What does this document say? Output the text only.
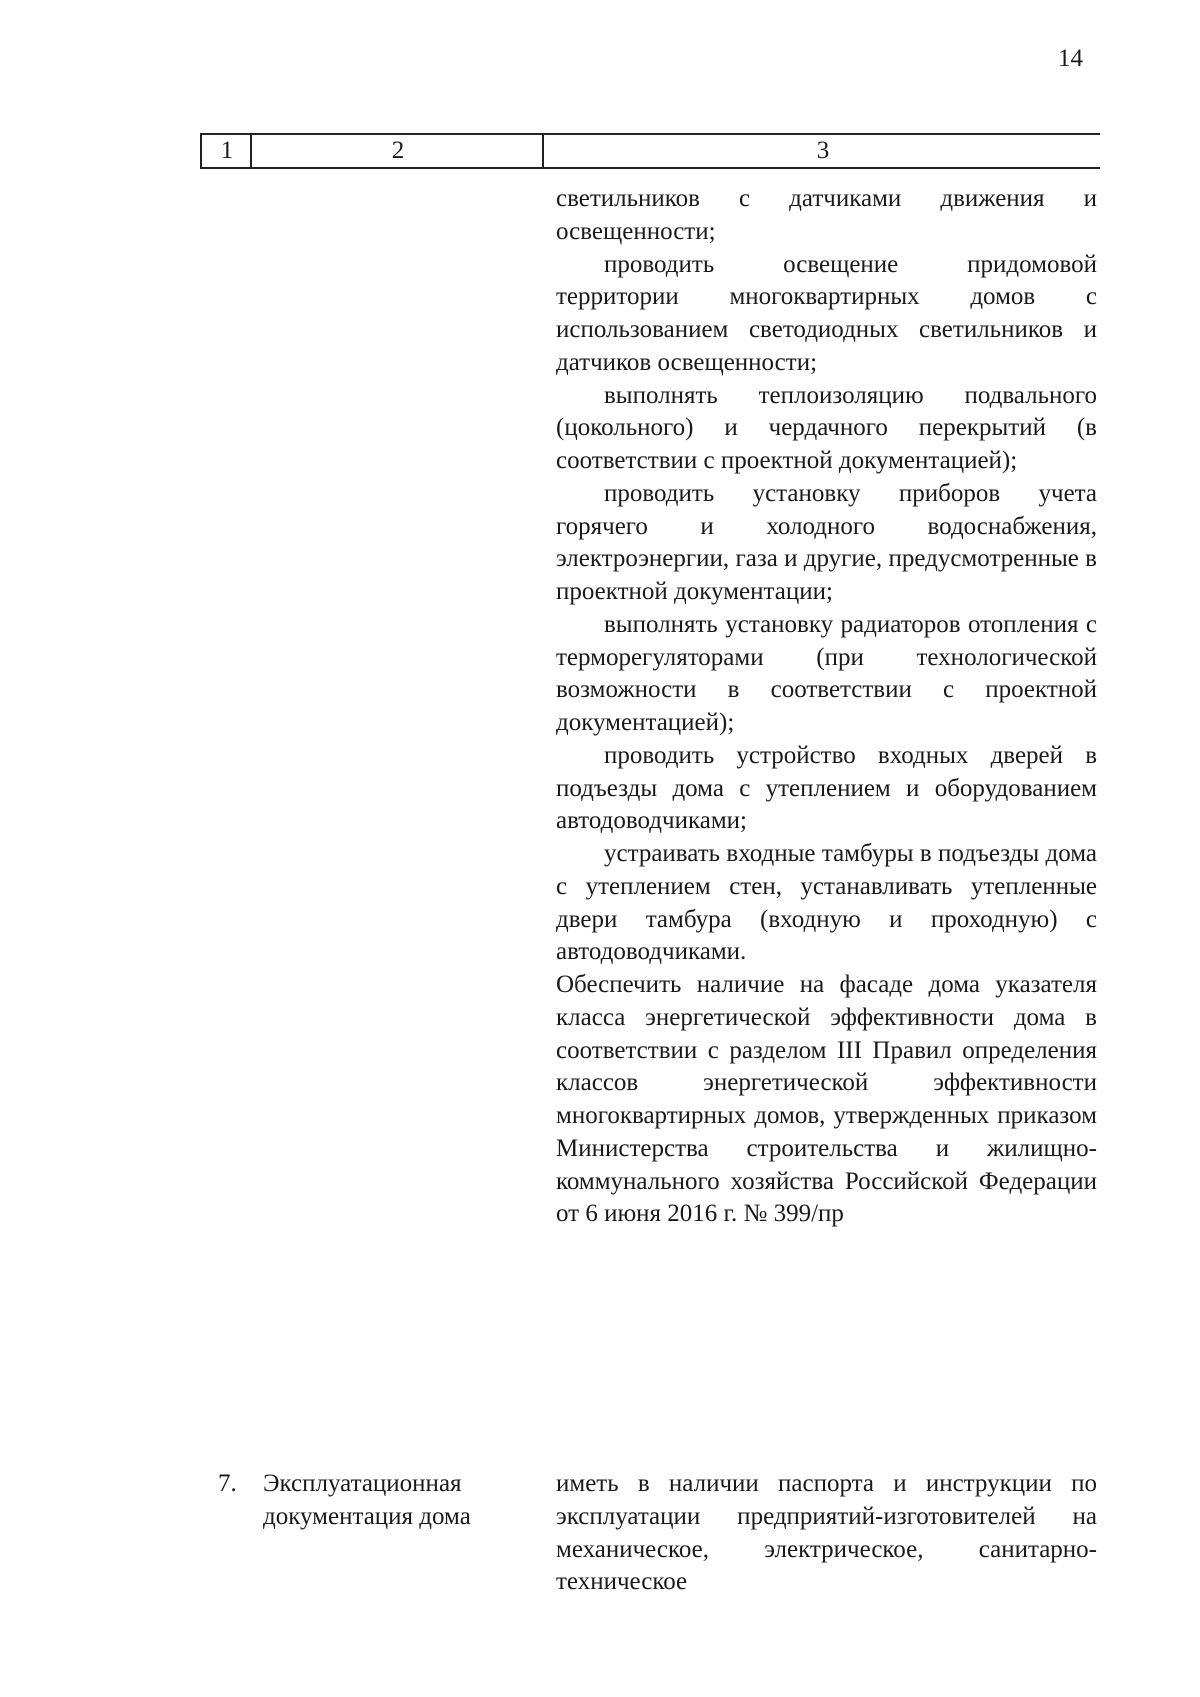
14
1	2	3

светильников с датчиками движения и освещенности;

проводить освещение придомовой территории многоквартирных домов с использованием светодиодных светильников и датчиков освещенности;

выполнять теплоизоляцию подвального (цокольного) и чердачного перекрытий (в соответствии с проектной документацией);

проводить установку приборов учета горячего и холодного водоснабжения, электроэнергии, газа и другие, предусмотренные в проектной документации;

выполнять установку радиаторов отопления с терморегуляторами (при технологической возможности в соответствии с проектной документацией);

проводить устройство входных дверей в подъезды дома с утеплением и оборудованием автодоводчиками;

устраивать входные тамбуры в подъезды дома с утеплением стен, устанавливать утепленные двери тамбура (входную и проходную) с автодоводчиками.

Обеспечить наличие на фасаде дома указателя класса энергетической эффективности дома в соответствии с разделом III Правил определения классов энергетической эффективности многоквартирных домов, утвержденных приказом Министерства строительства и жилищно-коммунального хозяйства Российской Федерации от 6 июня 2016 г. № 399/пр

7. Эксплуатационная документация дома

иметь в наличии паспорта и инструкции по эксплуатации предприятий-изготовителей на механическое, электрическое, санитарно-техническое
